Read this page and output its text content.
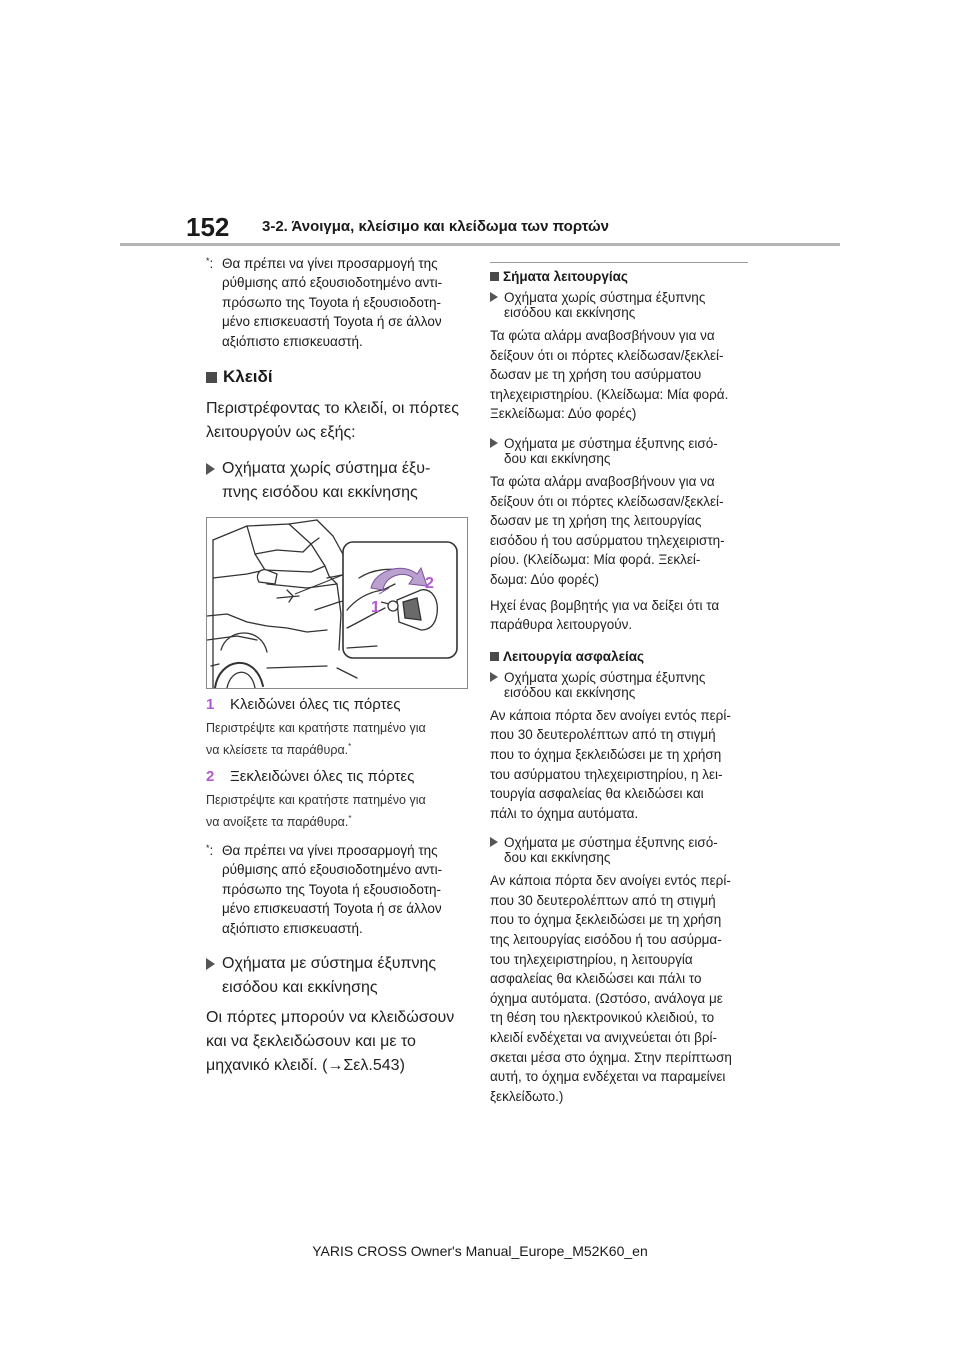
152 3-2. Άνοιγμα, κλείσιμο και κλείδωμα των πορτών
*: Θα πρέπει να γίνει προσαρμογή της
ρύθμισης από εξουσιοδοτημένο αντι-
πρόσωπο της Toyota ή εξουσιοδοτη-
μένο επισκευαστή Toyota ή σε άλλον
αξιόπιστο επισκευαστή.
Κλειδί
Περιστρέφοντας το κλειδί, οι πόρτες
λειτουργούν ως εξής:
Οχήματα χωρίς σύστημα έξυ-
πνης εισόδου και εκκίνησης
2
1
1	Κλειδώνει όλες τις πόρτες
Περιστρέψτε και κρατήστε πατημένο για
να κλείσετε τα παράθυρα.*
2	Ξεκλειδώνει όλες τις πόρτες
Περιστρέψτε και κρατήστε πατημένο για
να ανοίξετε τα παράθυρα.*
*: Θα πρέπει να γίνει προσαρμογή της
ρύθμισης από εξουσιοδοτημένο αντι-
πρόσωπο της Toyota ή εξουσιοδοτη-
μένο επισκευαστή Toyota ή σε άλλον
αξιόπιστο επισκευαστή.
Οχήματα με σύστημα έξυπνης
εισόδου και εκκίνησης
Οι πόρτες μπορούν να κλειδώσουν
και να ξεκλειδώσουν και με το
μηχανικό κλειδί. (→Σελ.543)
Σήματα λειτουργίας
Οχήματα χωρίς σύστημα έξυπνης
εισόδου και εκκίνησης
Τα φώτα αλάρμ αναβοσβήνουν για να
δείξουν ότι οι πόρτες κλείδωσαν/ξεκλεί-
δωσαν με τη χρήση του ασύρματου
τηλεχειριστηρίου. (Κλείδωμα: Μία φορά.
Ξεκλείδωμα: Δύο φορές)
Οχήματα με σύστημα έξυπνης εισό-
δου και εκκίνησης
Τα φώτα αλάρμ αναβοσβήνουν για να
δείξουν ότι οι πόρτες κλείδωσαν/ξεκλεί-
δωσαν με τη χρήση της λειτουργίας
εισόδου ή του ασύρματου τηλεχειριστη-
ρίου. (Κλείδωμα: Μία φορά. Ξεκλεί-
δωμα: Δύο φορές)
Ηχεί ένας βομβητής για να δείξει ότι τα
παράθυρα λειτουργούν.
Λειτουργία ασφαλείας
Οχήματα χωρίς σύστημα έξυπνης
εισόδου και εκκίνησης
Αν κάποια πόρτα δεν ανοίγει εντός περί-
που 30 δευτερολέπτων από τη στιγμή
που το όχημα ξεκλειδώσει με τη χρήση
του ασύρματου τηλεχειριστηρίου, η λει-
τουργία ασφαλείας θα κλειδώσει και
πάλι το όχημα αυτόματα.
Οχήματα με σύστημα έξυπνης εισό-
δου και εκκίνησης
Αν κάποια πόρτα δεν ανοίγει εντός περί-
που 30 δευτερολέπτων από τη στιγμή
που το όχημα ξεκλειδώσει με τη χρήση
της λειτουργίας εισόδου ή του ασύρμα-
του τηλεχειριστηρίου, η λειτουργία
ασφαλείας θα κλειδώσει και πάλι το
όχημα αυτόματα. (Ωστόσο, ανάλογα με
τη θέση του ηλεκτρονικού κλειδιού, το
κλειδί ενδέχεται να ανιχνεύεται ότι βρί-
σκεται μέσα στο όχημα. Στην περίπτωση
αυτή, το όχημα ενδέχεται να παραμείνει
ξεκλείδωτο.)
YARIS CROSS Owner's Manual_Europe_M52K60_en
